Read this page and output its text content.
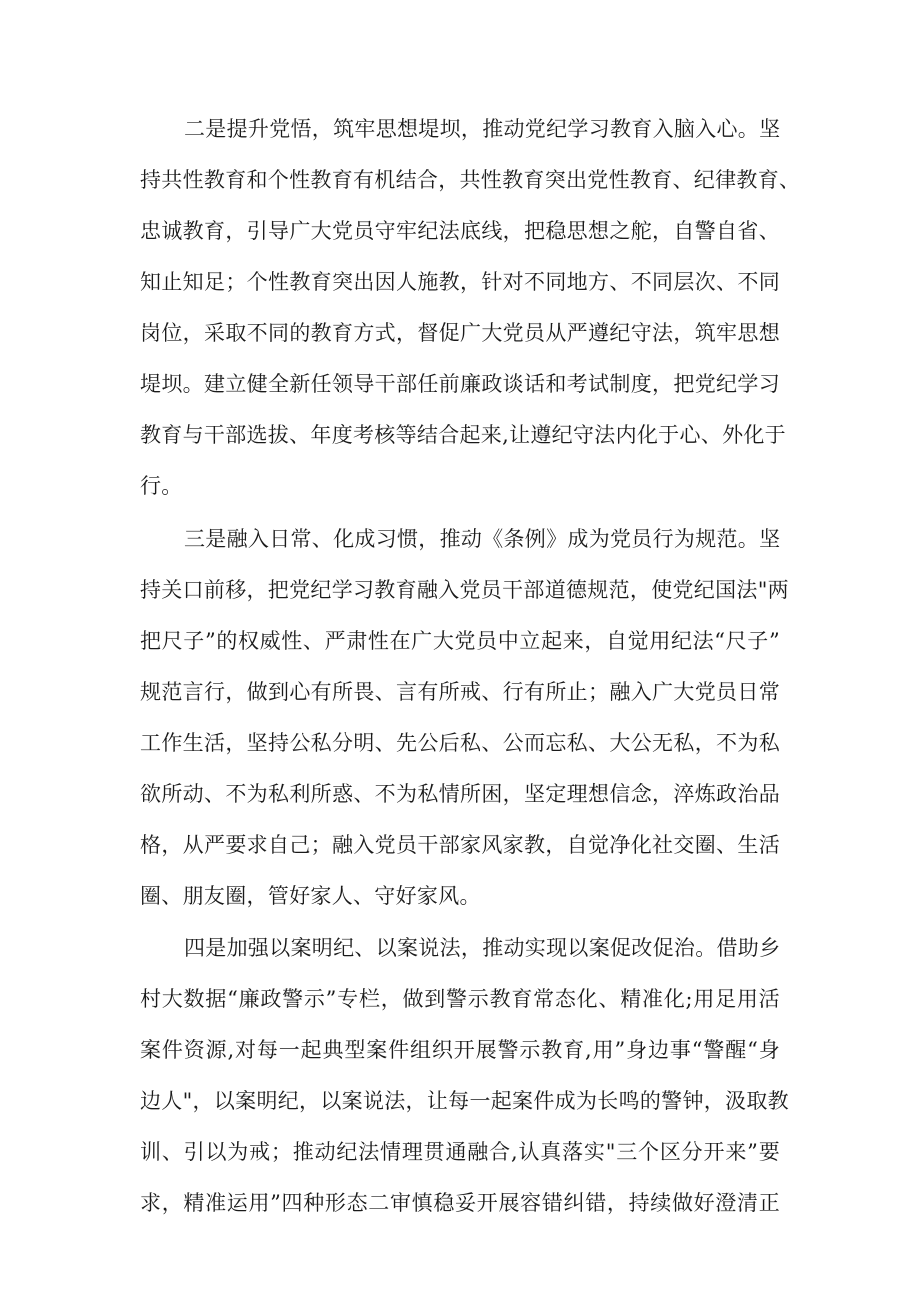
二是提升党悟，筑牢思想堤坝，推动党纪学习教育入脑入心。坚
持共性教育和个性教育有机结合，共性教育突出党性教育、纪律教育、
忠诚教育，引导广大党员守牢纪法底线，把稳思想之舵，自警自省、
知止知足；个性教育突出因人施教，针对不同地方、不同层次、不同
岗位，采取不同的教育方式，督促广大党员从严遵纪守法，筑牢思想
堤坝。建立健全新任领导干部任前廉政谈话和考试制度，把党纪学习
教育与干部选拔、年度考核等结合起来,让遵纪守法内化于心、外化于
行。
三是融入日常、化成习惯，推动《条例》成为党员行为规范。坚
持关口前移，把党纪学习教育融入党员干部道德规范，使党纪国法"两
把尺子”的权威性、严肃性在广大党员中立起来，自觉用纪法“尺子”
规范言行，做到心有所畏、言有所戒、行有所止；融入广大党员日常
工作生活，坚持公私分明、先公后私、公而忘私、大公无私，不为私
欲所动、不为私利所惑、不为私情所困，坚定理想信念，淬炼政治品
格，从严要求自己；融入党员干部家风家教，自觉净化社交圈、生活
圈、朋友圈，管好家人、守好家风。
四是加强以案明纪、以案说法，推动实现以案促改促治。借助乡
村大数据“廉政警示”专栏，做到警示教育常态化、精准化;用足用活
案件资源,对每一起典型案件组织开展警示教育,用”身边事“警醒“身
边人"，以案明纪，以案说法，让每一起案件成为长鸣的警钟，汲取教
训、引以为戒；推动纪法情理贯通融合,认真落实"三个区分开来”要
求，精准运用”四种形态二审慎稳妥开展容错纠错，持续做好澄清正
